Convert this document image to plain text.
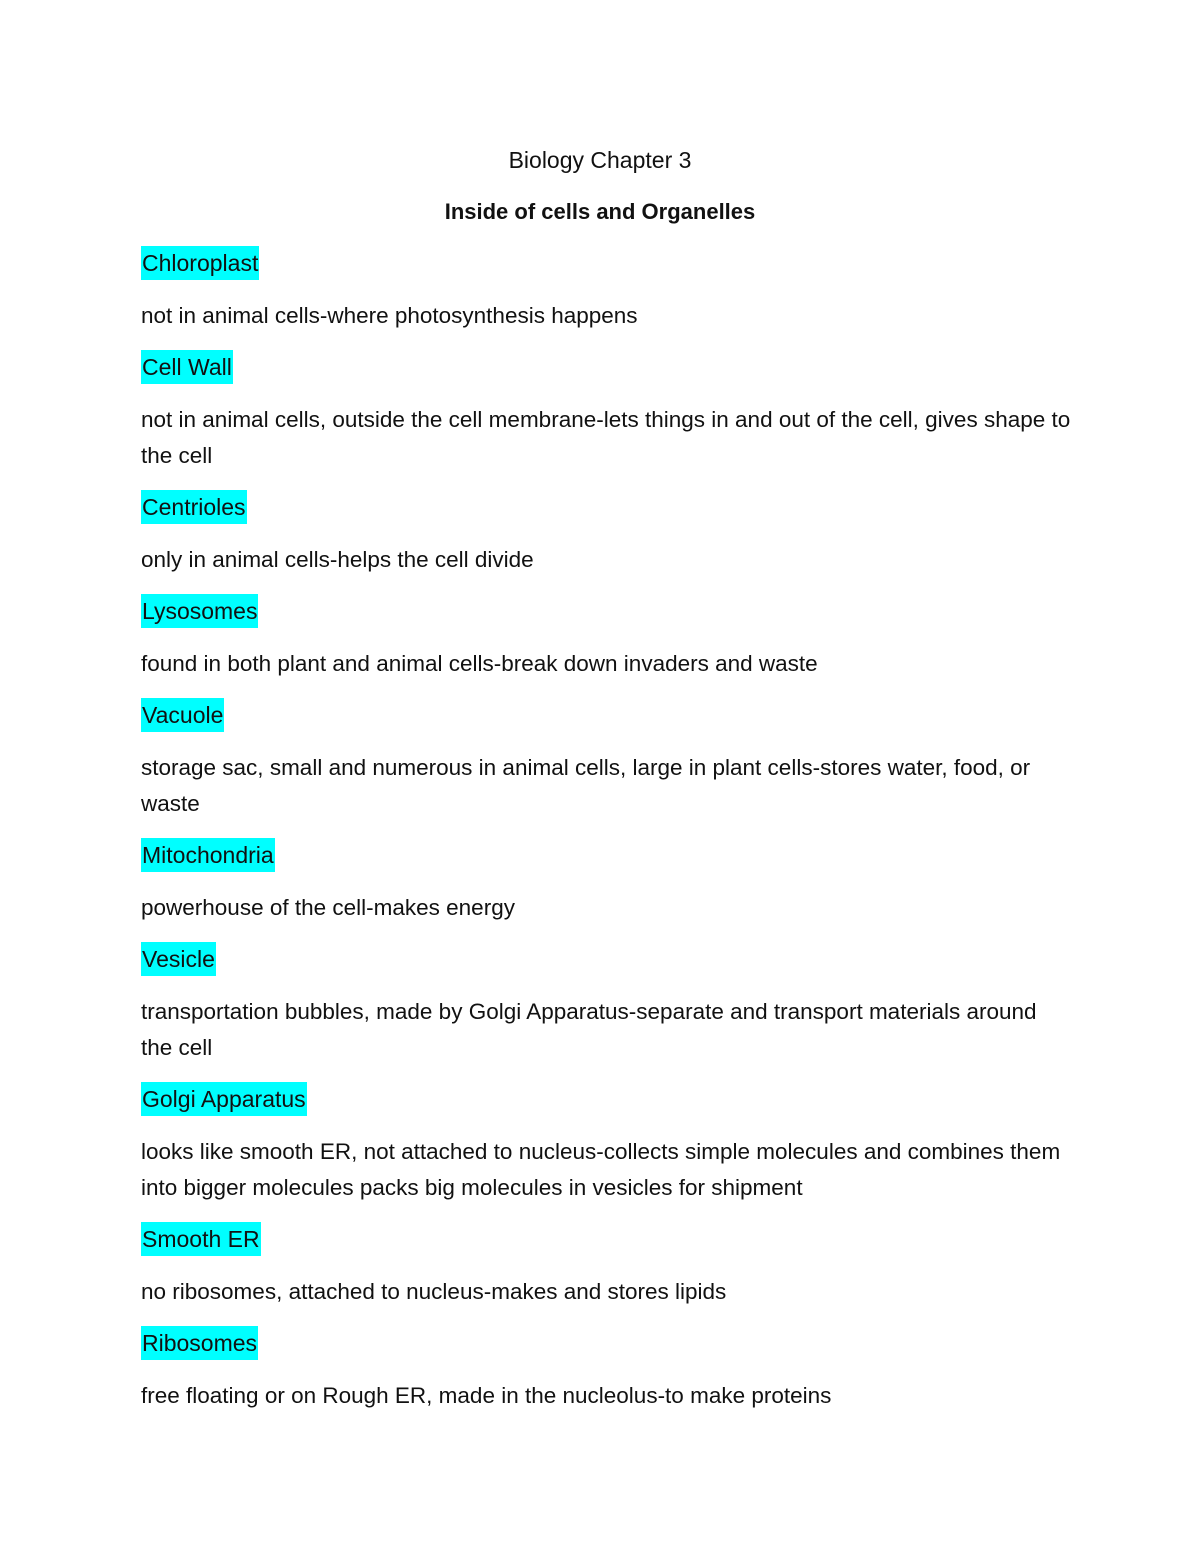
Biology Chapter 3
Inside of cells and Organelles
Chloroplast

not in animal cells-where photosynthesis happens

Cell Wall

not in animal cells, outside the cell membrane-lets things in and out of the cell, gives shape to the cell

Centrioles

only in animal cells-helps the cell divide

Lysosomes

found in both plant and animal cells-break down invaders and waste

Vacuole

storage sac, small and numerous in animal cells, large in plant cells-stores water, food, or waste

Mitochondria

powerhouse of the cell-makes energy

Vesicle

transportation bubbles, made by Golgi Apparatus-separate and transport materials around the cell

Golgi Apparatus

looks like smooth ER, not attached to nucleus-collects simple molecules and combines them into bigger molecules packs big molecules in vesicles for shipment

Smooth ER

no ribosomes, attached to nucleus-makes and stores lipids

Ribosomes

free floating or on Rough ER, made in the nucleolus-to make proteins
